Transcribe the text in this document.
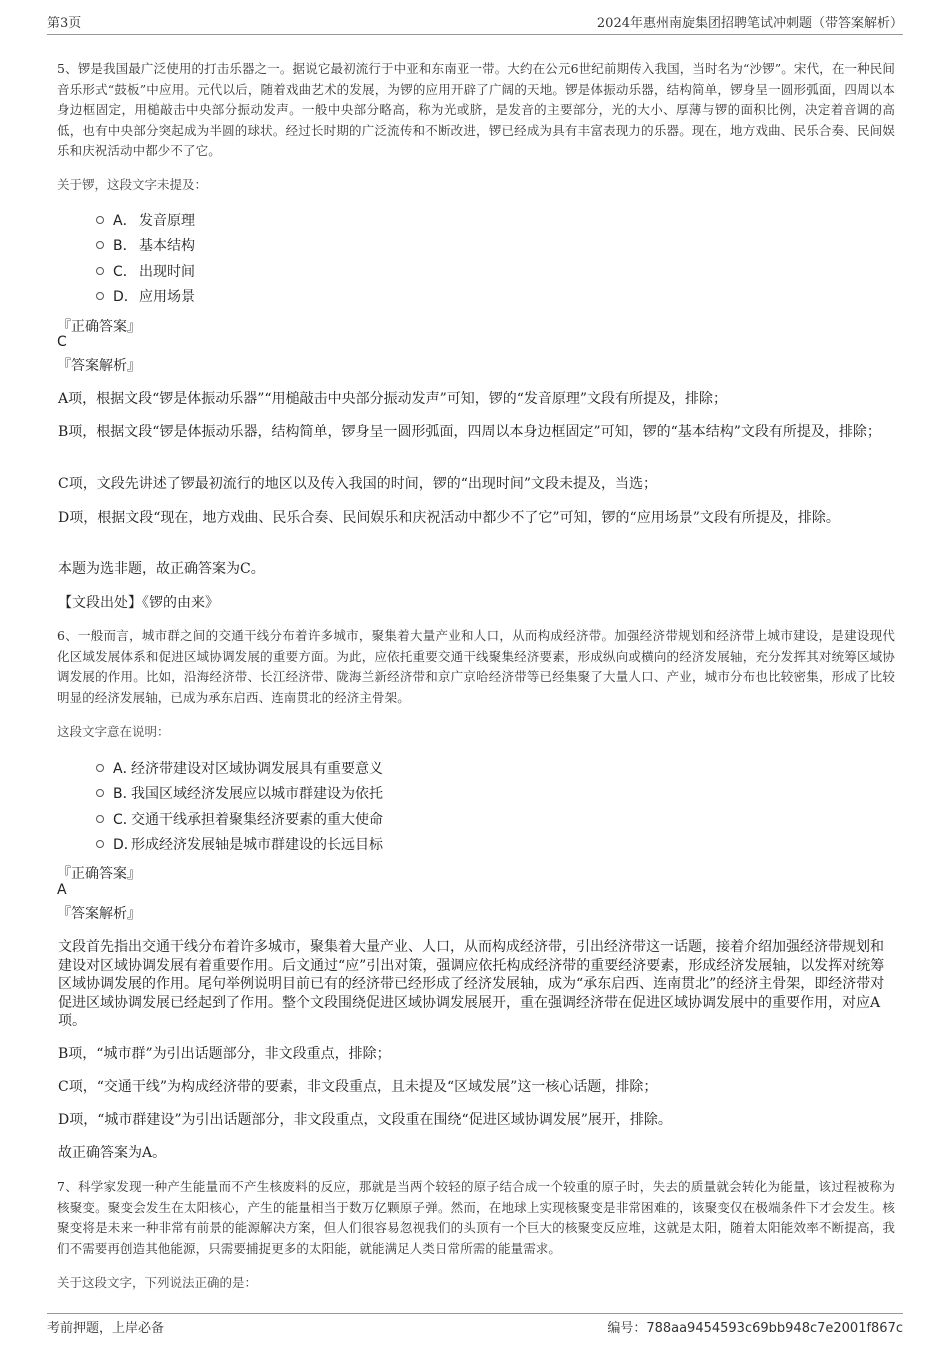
第3页	2024年惠州南旋集团招聘笔试冲刺题（带答案解析）
5、锣是我国最广泛使用的打击乐器之一。据说它最初流行于中亚和东南亚一带。大约在公元6世纪前期传入我国，当时名为“沙锣”。宋代，在一种民间音乐形式“鼓板”中应用。元代以后，随着戏曲艺术的发展，为锣的应用开辟了广阔的天地。锣是体振动乐器，结构简单，锣身呈一圆形弧面，四周以本身边框固定，用槌敲击中央部分振动发声。一般中央部分略高，称为光或脐，是发音的主要部分，光的大小、厚薄与锣的面积比例，决定着音调的高低，也有中央部分突起成为半圆的球状。经过长时期的广泛流传和不断改进，锣已经成为具有丰富表现力的乐器。现在，地方戏曲、民乐合奏、民间娱乐和庆祝活动中都少不了它。
关于锣，这段文字未提及：
A． 发音原理
B． 基本结构
C． 出现时间
D． 应用场景
『正确答案』
C
『答案解析』
A项，根据文段“锣是体振动乐器”“用槌敲击中央部分振动发声”可知，锣的“发音原理”文段有所提及，排除；
B项，根据文段“锣是体振动乐器，结构简单，锣身呈一圆形弧面，四周以本身边框固定”可知，锣的“基本结构”文段有所提及，排除；
C项，文段先讲述了锣最初流行的地区以及传入我国的时间，锣的“出现时间”文段未提及，当选；
D项，根据文段“现在，地方戏曲、民乐合奏、民间娱乐和庆祝活动中都少不了它”可知，锣的“应用场景”文段有所提及，排除。
本题为选非题，故正确答案为C。
【文段出处】《锣的由来》
6、一般而言，城市群之间的交通干线分布着许多城市，聚集着大量产业和人口，从而构成经济带。加强经济带规划和经济带上城市建设，是建设现代化区域发展体系和促进区域协调发展的重要方面。为此，应依托重要交通干线聚集经济要素，形成纵向或横向的经济发展轴，充分发挥其对统筹区域协调发展的作用。比如，沿海经济带、长江经济带、陇海兰新经济带和京广京哈经济带等已经集聚了大量人口、产业，城市分布也比较密集，形成了比较明显的经济发展轴，已成为承东启西、连南贯北的经济主骨架。
这段文字意在说明：
A．
经济带建设对区域协调发展具有重要意义
B．
我国区域经济发展应以城市群建设为依托
C．
交通干线承担着聚集经济要素的重大使命
D．
形成经济发展轴是城市群建设的长远目标
『正确答案』
A
『答案解析』
文段首先指出交通干线分布着许多城市，聚集着大量产业、人口，从而构成经济带，引出经济带这一话题，接着介绍加强经济带规划和建设对区域协调发展有着重要作用。后文通过“应”引出对策，强调应依托构成经济带的重要经济要素，形成经济发展轴，以发挥对统筹区域协调发展的作用。尾句举例说明目前已有的经济带已经形成了经济发展轴，成为“承东启西、连南贯北”的经济主骨架，即经济带对促进区域协调发展已经起到了作用。整个文段围绕促进区域协调发展展开，重在强调经济带在促进区域协调发展中的重要作用，对应A项。
B项，“城市群”为引出话题部分，非文段重点，排除；
C项，“交通干线”为构成经济带的要素，非文段重点，且未提及“区域发展”这一核心话题，排除；
D项，“城市群建设”为引出话题部分，非文段重点，文段重在围绕“促进区域协调发展”展开，排除。
故正确答案为A。
7、科学家发现一种产生能量而不产生核废料的反应，那就是当两个较轻的原子结合成一个较重的原子时，失去的质量就会转化为能量，该过程被称为核聚变。聚变会发生在太阳核心，产生的能量相当于数万亿颗原子弹。然而，在地球上实现核聚变是非常困难的，该聚变仅在极端条件下才会发生。核聚变将是未来一种非常有前景的能源解决方案，但人们很容易忽视我们的头顶有一个巨大的核聚变反应堆，这就是太阳，随着太阳能效率不断提高，我们不需要再创造其他能源，只需要捕捉更多的太阳能，就能满足人类日常所需的能量需求。
关于这段文字，下列说法正确的是：
考前押题，上岸必备	编号：788aa9454593c69bb948c7e2001f867c
